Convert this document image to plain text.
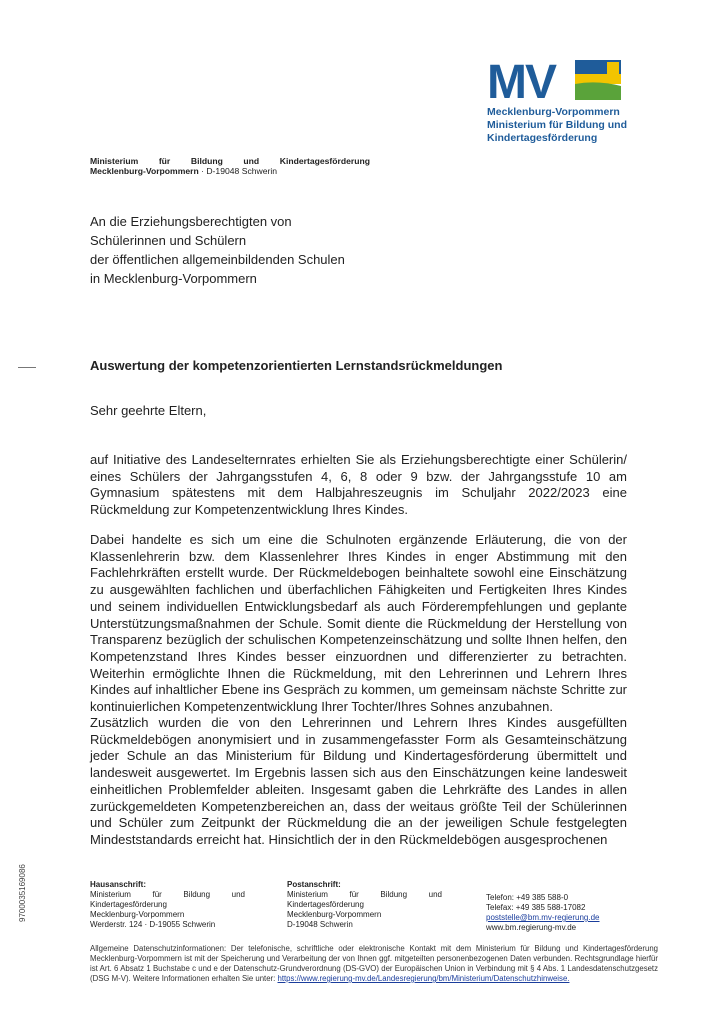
MV
Mecklenburg-Vorpommern
Ministerium für Bildung und
Kindertagesförderung
Ministerium für Bildung und Kindertagesförderung
Mecklenburg-Vorpommern · D-19048 Schwerin
An die Erziehungsberechtigten von
Schülerinnen und Schülern
der öffentlichen allgemeinbildenden Schulen
in Mecklenburg-Vorpommern
Auswertung der kompetenzorientierten Lernstandsrückmeldungen
Sehr geehrte Eltern,
auf Initiative des Landeselternrates erhielten Sie als Erziehungsberechtigte einer Schülerin/ eines Schülers der Jahrgangsstufen 4, 6, 8 oder 9 bzw. der Jahrgangsstufe 10 am Gymnasium spätestens mit dem Halbjahreszeugnis im Schuljahr 2022/2023 eine Rückmeldung zur Kompetenzentwicklung Ihres Kindes.
Dabei handelte es sich um eine die Schulnoten ergänzende Erläuterung, die von der Klassenlehrerin bzw. dem Klassenlehrer Ihres Kindes in enger Abstimmung mit den Fachlehrkräften erstellt wurde. Der Rückmeldebogen beinhaltete sowohl eine Einschätzung zu ausgewählten fachlichen und überfachlichen Fähigkeiten und Fertigkeiten Ihres Kindes und seinem individuellen Entwicklungsbedarf als auch Förderempfehlungen und geplante Unterstützungsmaßnahmen der Schule. Somit diente die Rückmeldung der Herstellung von Transparenz bezüglich der schulischen Kompetenzeinschätzung und sollte Ihnen helfen, den Kompetenzstand Ihres Kindes besser einzuordnen und differenzierter zu betrachten. Weiterhin ermöglichte Ihnen die Rückmeldung, mit den Lehrerinnen und Lehrern Ihres Kindes auf inhaltlicher Ebene ins Gespräch zu kommen, um gemeinsam nächste Schritte zur kontinuierlichen Kompetenzentwicklung Ihrer Tochter/Ihres Sohnes anzubahnen.
Zusätzlich wurden die von den Lehrerinnen und Lehrern Ihres Kindes ausgefüllten Rückmeldebögen anonymisiert und in zusammengefasster Form als Gesamteinschätzung jeder Schule an das Ministerium für Bildung und Kindertagesförderung übermittelt und landesweit ausgewertet. Im Ergebnis lassen sich aus den Einschätzungen keine landesweit einheitlichen Problemfelder ableiten. Insgesamt gaben die Lehrkräfte des Landes in allen zurückgemeldeten Kompetenzbereichen an, dass der weitaus größte Teil der Schülerinnen und Schüler zum Zeitpunkt der Rückmeldung die an der jeweiligen Schule festgelegten Mindeststandards erreicht hat. Hinsichtlich der in den Rückmeldebögen ausgesprochenen
9700035169086	Hausanschrift:
Ministerium	für	Bildung	und
Kindertagesförderung
Mecklenburg-Vorpommern
Werderstr. 124 · D-19055 Schwerin
Postanschrift:
Ministerium	für	Bildung	und
Kindertagesförderung
Mecklenburg-Vorpommern
D-19048 Schwerin
Telefon: +49 385 588-0
Telefax: +49 385 588-17082
poststelle@bm.mv-regierung.de
www.bm.regierung-mv.de
Allgemeine Datenschutzinformationen: Der telefonische, schriftliche oder elektronische Kontakt mit dem Ministerium für Bildung und Kindertagesförderung Mecklenburg-Vorpommern ist mit der Speicherung und Verarbeitung der von Ihnen ggf. mitgeteilten personenbezogenen Daten verbunden. Rechtsgrundlage hierfür ist Art. 6 Absatz 1 Buchstabe c und e der Datenschutz-Grundverordnung (DS-GVO) der Europäischen Union in Verbindung mit § 4 Abs. 1 Landesdatenschutzgesetz (DSG M-V). Weitere Informationen erhalten Sie unter: https://www.regierung-mv.de/Landesregierung/bm/Ministerium/Datenschutzhinweise.
